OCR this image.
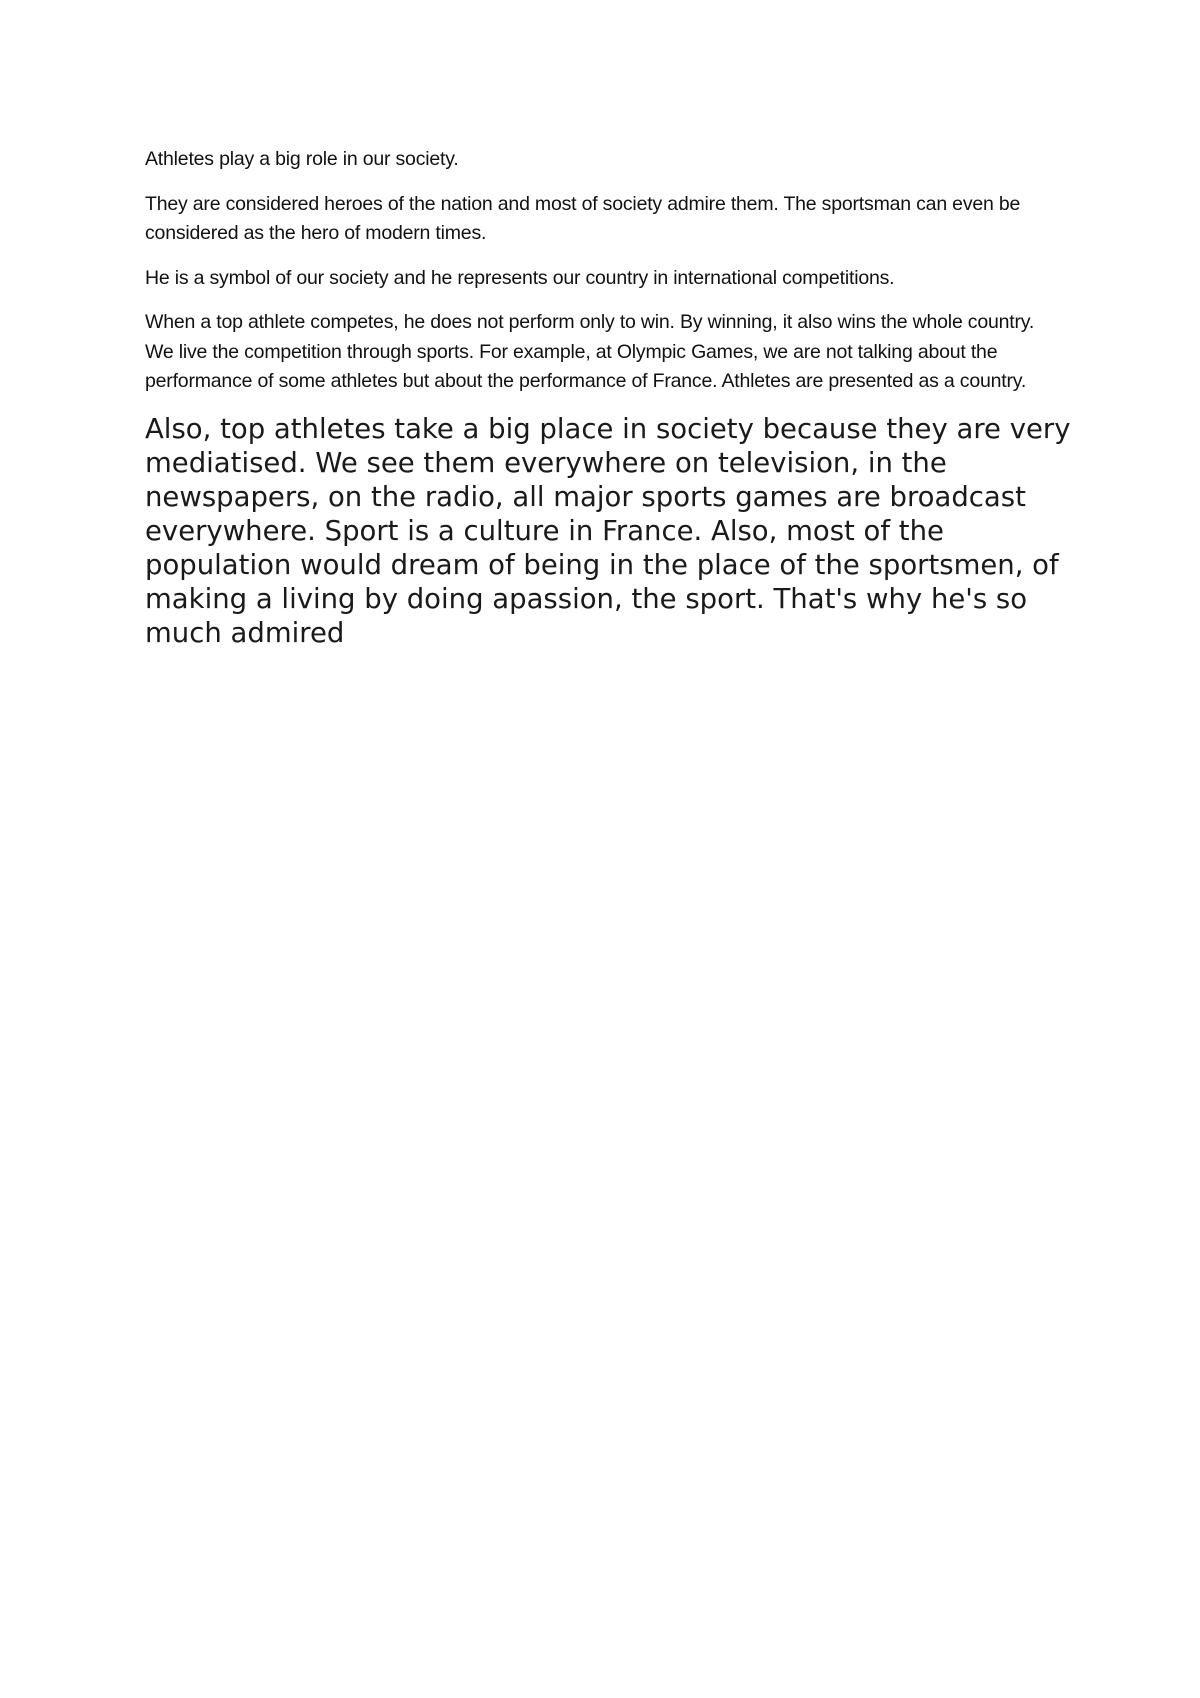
Athletes play a big role in our society.

They are considered heroes of the nation and most of society admire them. The sportsman can even be considered as the hero of modern times.

He is a symbol of our society and he represents our country in international competitions.

When a top athlete competes, he does not perform only to win. By winning, it also wins the whole country. We live the competition through sports. For example, at Olympic Games, we are not talking about the performance of some athletes but about the performance of France. Athletes are presented as a country.

Also, top athletes take a big place in society because they are very mediatised. We see them everywhere on television, in the newspapers, on the radio, all major sports games are broadcast everywhere. Sport is a culture in France. Also, most of the population would dream of being in the place of the sportsmen, of making a living by doing apassion, the sport. That's why he's so much admired
